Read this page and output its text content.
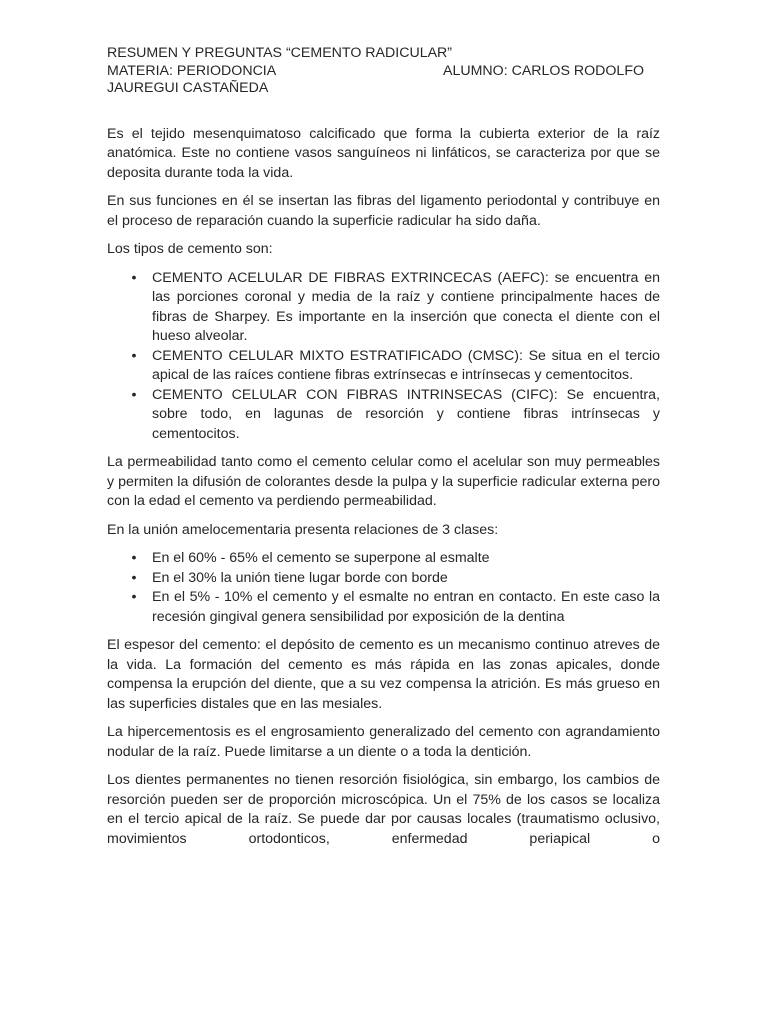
RESUMEN Y PREGUNTAS “CEMENTO RADICULAR”
MATERIA: PERIODONCIA	ALUMNO: CARLOS RODOLFO
JAUREGUI CASTAÑEDA

Es el tejido mesenquimatoso calcificado que forma la cubierta exterior de la raíz anatómica. Este no contiene vasos sanguíneos ni linfáticos, se caracteriza por que se deposita durante toda la vida.

En sus funciones en él se insertan las fibras del ligamento periodontal y contribuye en el proceso de reparación cuando la superficie radicular ha sido daña.

Los tipos de cemento son:

• CEMENTO ACELULAR DE FIBRAS EXTRINCECAS (AEFC): se encuentra en las porciones coronal y media de la raíz y contiene principalmente haces de fibras de Sharpey. Es importante en la inserción que conecta el diente con el hueso alveolar.
• CEMENTO CELULAR MIXTO ESTRATIFICADO (CMSC): Se situa en el tercio apical de las raíces contiene fibras extrínsecas e intrínsecas y cementocitos.
• CEMENTO CELULAR CON FIBRAS INTRINSECAS (CIFC): Se encuentra, sobre todo, en lagunas de resorción y contiene fibras intrínsecas y cementocitos.

La permeabilidad tanto como el cemento celular como el acelular son muy permeables y permiten la difusión de colorantes desde la pulpa y la superficie radicular externa pero con la edad el cemento va perdiendo permeabilidad.

En la unión amelocementaria presenta relaciones de 3 clases:

• En el 60% - 65% el cemento se superpone al esmalte
• En el 30% la unión tiene lugar borde con borde
• En el 5% - 10% el cemento y el esmalte no entran en contacto. En este caso la recesión gingival genera sensibilidad por exposición de la dentina

El espesor del cemento: el depósito de cemento es un mecanismo continuo atreves de la vida. La formación del cemento es más rápida en las zonas apicales, donde compensa la erupción del diente, que a su vez compensa la atrición. Es más grueso en las superficies distales que en las mesiales.

La hipercementosis es el engrosamiento generalizado del cemento con agrandamiento nodular de la raíz. Puede limitarse a un diente o a toda la dentición.

Los dientes permanentes no tienen resorción fisiológica, sin embargo, los cambios de resorción pueden ser de proporción microscópica. Un el 75% de los casos se localiza en el tercio apical de la raíz. Se puede dar por causas locales (traumatismo oclusivo, movimientos ortodonticos, enfermedad periapical o
